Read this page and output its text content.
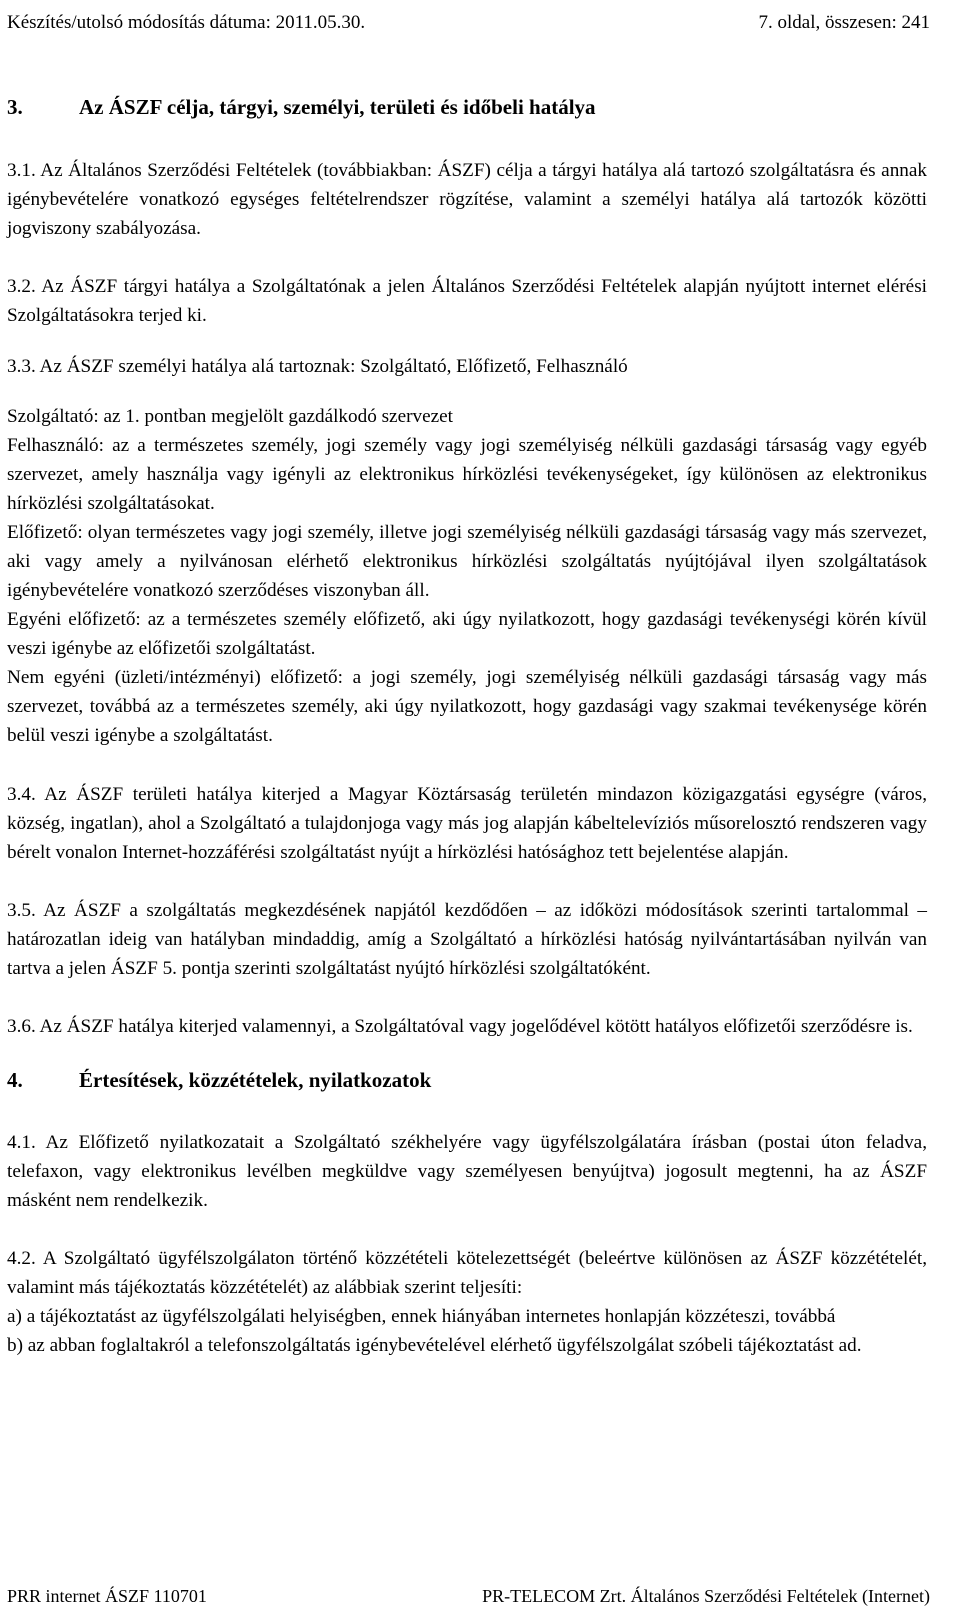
Készítés/utolsó módosítás dátuma: 2011.05.30.	7. oldal, összesen: 241
3.	Az ÁSZF célja, tárgyi, személyi, területi és időbeli hatálya

3.1. Az Általános Szerződési Feltételek (továbbiakban: ÁSZF) célja a tárgyi hatálya alá tartozó szolgáltatásra és annak igénybevételére vonatkozó egységes feltételrendszer rögzítése, valamint a személyi hatálya alá tartozók közötti jogviszony szabályozása.

3.2. Az ÁSZF tárgyi hatálya a Szolgáltatónak a jelen Általános Szerződési Feltételek alapján nyújtott internet elérési Szolgáltatásokra terjed ki.

3.3. Az ÁSZF személyi hatálya alá tartoznak: Szolgáltató, Előfizető, Felhasználó

Szolgáltató: az 1. pontban megjelölt gazdálkodó szervezet

Felhasználó: az a természetes személy, jogi személy vagy jogi személyiség nélküli gazdasági társaság vagy egyéb szervezet, amely használja vagy igényli az elektronikus hírközlési tevékenységeket, így különösen az elektronikus hírközlési szolgáltatásokat.

Előfizető: olyan természetes vagy jogi személy, illetve jogi személyiség nélküli gazdasági társaság vagy más szervezet, aki vagy amely a nyilvánosan elérhető elektronikus hírközlési szolgáltatás nyújtójával ilyen szolgáltatások igénybevételére vonatkozó szerződéses viszonyban áll.

Egyéni előfizető: az a természetes személy előfizető, aki úgy nyilatkozott, hogy gazdasági tevékenységi körén kívül veszi igénybe az előfizetői szolgáltatást.

Nem egyéni (üzleti/intézményi) előfizető: a jogi személy, jogi személyiség nélküli gazdasági társaság vagy más szervezet, továbbá az a természetes személy, aki úgy nyilatkozott, hogy gazdasági vagy szakmai tevékenysége körén belül veszi igénybe a szolgáltatást.

3.4. Az ÁSZF területi hatálya kiterjed a Magyar Köztársaság területén mindazon közigazgatási egységre (város, község, ingatlan), ahol a Szolgáltató a tulajdonjoga vagy más jog alapján kábeltelevíziós műsorelosztó rendszeren vagy bérelt vonalon Internet-hozzáférési szolgáltatást nyújt a hírközlési hatósághoz tett bejelentése alapján.

3.5. Az ÁSZF a szolgáltatás megkezdésének napjától kezdődően – az időközi módosítások szerinti tartalommal – határozatlan ideig van hatályban mindaddig, amíg a Szolgáltató a hírközlési hatóság nyilvántartásában nyilván van tartva a jelen ÁSZF 5. pontja szerinti szolgáltatást nyújtó hírközlési szolgáltatóként.

3.6. Az ÁSZF hatálya kiterjed valamennyi, a Szolgáltatóval vagy jogelődével kötött hatályos előfizetői szerződésre is.

4.	Értesítések, közzétételek, nyilatkozatok

4.1. Az Előfizető nyilatkozatait a Szolgáltató székhelyére vagy ügyfélszolgálatára írásban (postai úton feladva, telefaxon, vagy elektronikus levélben megküldve vagy személyesen benyújtva) jogosult megtenni, ha az ÁSZF másként nem rendelkezik.

4.2. A Szolgáltató ügyfélszolgálaton történő közzétételi kötelezettségét (beleértve különösen az ÁSZF közzétételét, valamint más tájékoztatás közzétételét) az alábbiak szerint teljesíti:

a) a tájékoztatást az ügyfélszolgálati helyiségben, ennek hiányában internetes honlapján közzéteszi, továbbá

b) az abban foglaltakról a telefonszolgáltatás igénybevételével elérhető ügyfélszolgálat szóbeli tájékoztatást ad.

PRR internet ÁSZF 110701	PR-TELECOM Zrt. Általános Szerződési Feltételek (Internet)
